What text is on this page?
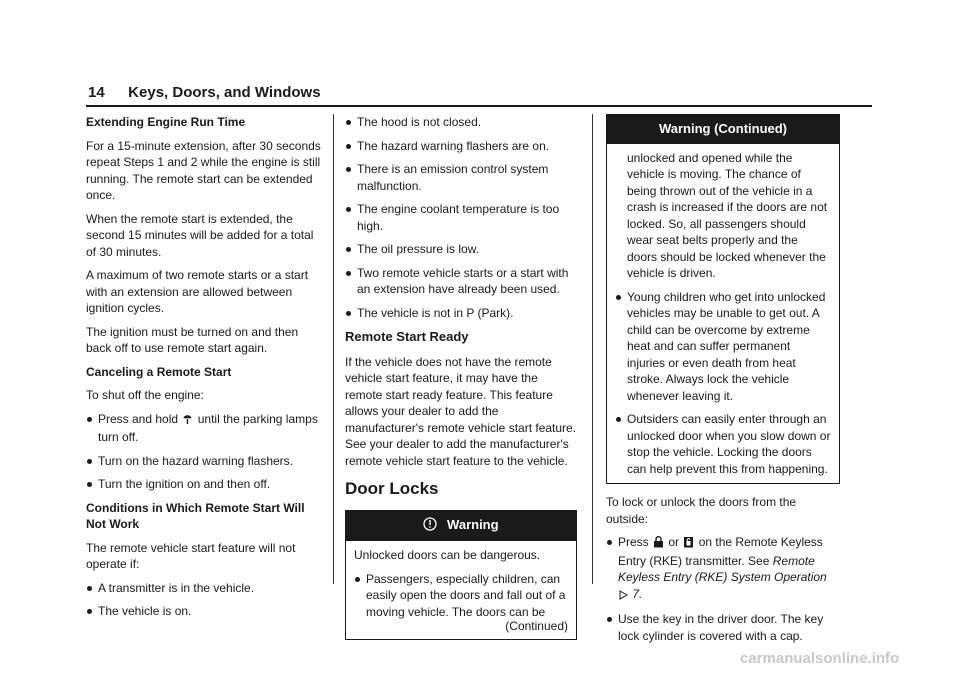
14 Keys, Doors, and Windows
Extending Engine Run Time
For a 15-minute extension, after 30 seconds repeat Steps 1 and 2 while the engine is still running. The remote start can be extended once.
When the remote start is extended, the second 15 minutes will be added for a total of 30 minutes.
A maximum of two remote starts or a start with an extension are allowed between ignition cycles.
The ignition must be turned on and then back off to use remote start again.
Canceling a Remote Start
To shut off the engine:
Press and hold until the parking lamps turn off.
Turn on the hazard warning flashers.
Turn the ignition on and then off.
Conditions in Which Remote Start Will Not Work
The remote vehicle start feature will not operate if:
A transmitter is in the vehicle.
The vehicle is on.
The hood is not closed.
The hazard warning flashers are on.
There is an emission control system malfunction.
The engine coolant temperature is too high.
The oil pressure is low.
Two remote vehicle starts or a start with an extension have already been used.
The vehicle is not in P (Park).
Remote Start Ready
If the vehicle does not have the remote vehicle start feature, it may have the remote start ready feature. This feature allows your dealer to add the manufacturer's remote vehicle start feature. See your dealer to add the manufacturer's remote vehicle start feature to the vehicle.
Door Locks
Warning
Unlocked doors can be dangerous.
Passengers, especially children, can easily open the doors and fall out of a moving vehicle. The doors can be
(Continued)
Warning (Continued)
unlocked and opened while the vehicle is moving. The chance of being thrown out of the vehicle in a crash is increased if the doors are not locked. So, all passengers should wear seat belts properly and the doors should be locked whenever the vehicle is driven.
Young children who get into unlocked vehicles may be unable to get out. A child can be overcome by extreme heat and can suffer permanent injuries or even death from heat stroke. Always lock the vehicle whenever leaving it.
Outsiders can easily enter through an unlocked door when you slow down or stop the vehicle. Locking the doors can help prevent this from happening.
To lock or unlock the doors from the outside:
Press or on the Remote Keyless Entry (RKE) transmitter. See Remote Keyless Entry (RKE) System Operation  7.
Use the key in the driver door. The key lock cylinder is covered with a cap.
carmanualsonline.info
